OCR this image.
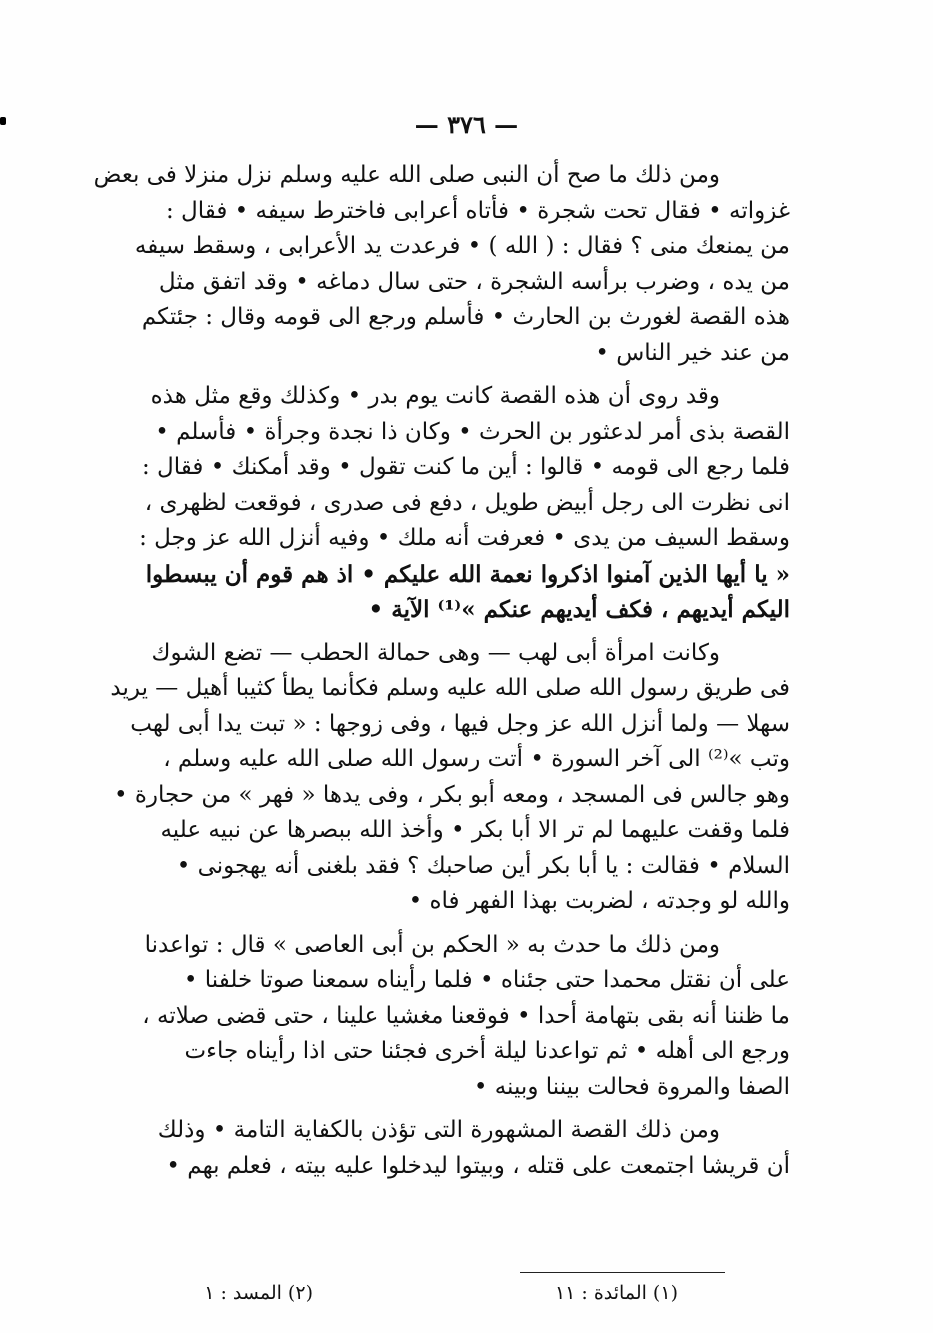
— ٣٧٦ —
ومن ذلك ما صح أن النبى صلى الله عليه وسلم نزل منزلا فى بعض
غزواته • فقال تحت شجرة • فأتاه أعرابى فاخترط سيفه • فقال :
من يمنعك منى ؟ فقال : ( الله ) • فرعدت يد الأعرابى ، وسقط سيفه
من يده ، وضرب برأسه الشجرة ، حتى سال دماغه • وقد اتفق مثل
هذه القصة لغورث بن الحارث • فأسلم ورجع الى قومه وقال : جئتكم
من عند خير الناس •
وقد روى أن هذه القصة كانت يوم بدر • وكذلك وقع مثل هذه
القصة بذى أمر لدعثور بن الحرث • وكان ذا نجدة وجرأة • فأسلم •
فلما رجع الى قومه • قالوا : أين ما كنت تقول • وقد أمكنك • فقال :
انى نظرت الى رجل أبيض طويل ، دفع فى صدرى ، فوقعت لظهرى ،
وسقط السيف من يدى • فعرفت أنه ملك • وفيه أنزل الله عز وجل :
« يا أيها الذين آمنوا اذكروا نعمة الله عليكم • اذ هم قوم أن يبسطوا
اليكم أيديهم ، فكف أيديهم عنكم »⁽¹⁾ الآية •
وكانت امرأة أبى لهب — وهى حمالة الحطب — تضع الشوك
فى طريق رسول الله صلى الله عليه وسلم فكأنما يطأ كثيبا أهيل — يريد
سهلا — ولما أنزل الله عز وجل فيها ، وفى زوجها : « تبت يدا أبى لهب
وتب »⁽²⁾ الى آخر السورة • أتت رسول الله صلى الله عليه وسلم ،
وهو جالس فى المسجد ، ومعه أبو بكر ، وفى يدها « فهر » من حجارة •
فلما وقفت عليهما لم تر الا أبا بكر • وأخذ الله ببصرها عن نبيه عليه
السلام • فقالت : يا أبا بكر أين صاحبك ؟ فقد بلغنى أنه يهجونى •
والله لو وجدته ، لضربت بهذا الفهر فاه •
ومن ذلك ما حدث به « الحكم بن أبى العاصى » قال : تواعدنا
على أن نقتل محمدا حتى جئناه • فلما رأيناه سمعنا صوتا خلفنا •
ما ظننا أنه بقى بتهامة أحدا • فوقعنا مغشيا علينا ، حتى قضى صلاته ،
ورجع الى أهله • ثم تواعدنا ليلة أخرى فجئنا حتى اذا رأيناه جاءت
الصفا والمروة فحالت بيننا وبينه •
ومن ذلك القصة المشهورة التى تؤذن بالكفاية التامة • وذلك
أن قريشا اجتمعت على قتله ، وبيتوا ليدخلوا عليه بيته ، فعلم بهم •
(١) المائدة : ١١
(٢) المسد : ١
